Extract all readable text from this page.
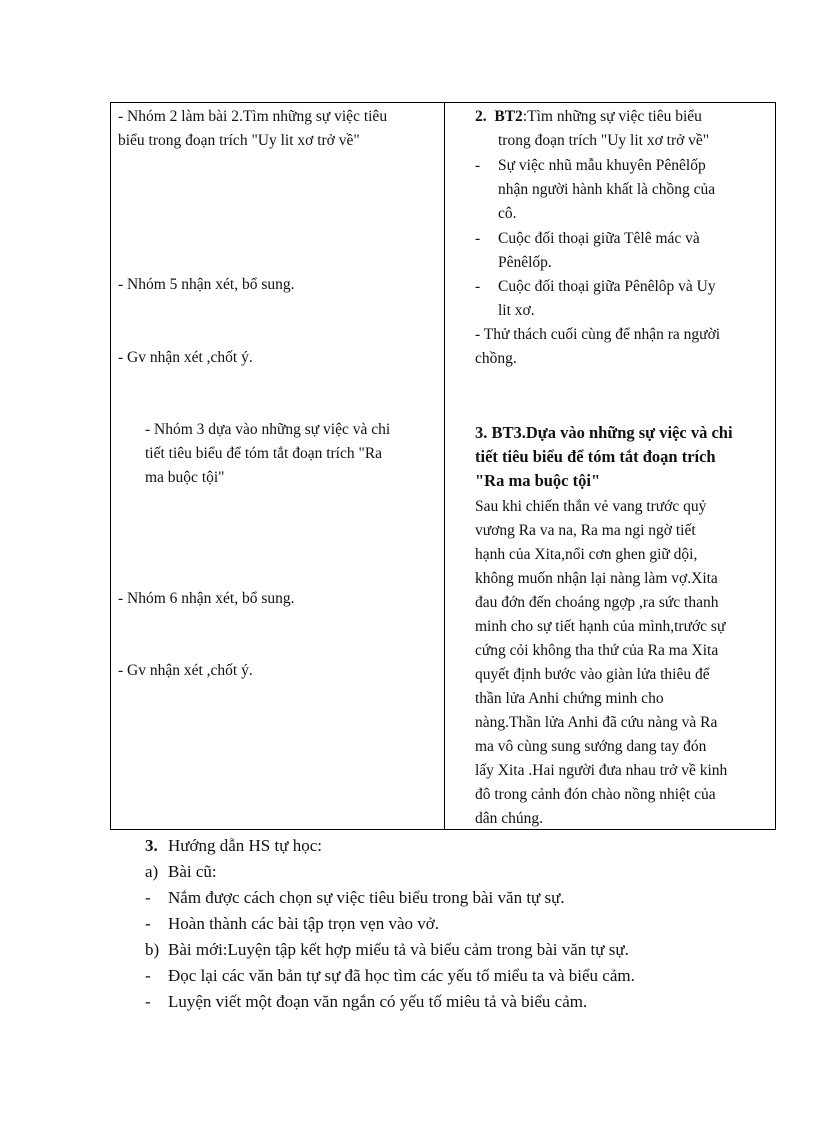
- Nhóm 2 làm bài 2.Tìm những sự việc tiêu
biểu trong đoạn trích "Uy lit xơ trở về"
- Nhóm 5 nhận xét, bổ sung.
- Gv nhận xét ,chốt ý.
- Nhóm 3 dựa vào những sự việc và chi
tiết tiêu biểu để tóm tắt đoạn trích "Ra
ma buộc tội"
- Nhóm 6 nhận xét, bổ sung.
- Gv nhận xét ,chốt ý.
2. BT2:Tìm những sự việc tiêu biểu
trong đoạn trích "Uy lit xơ trở về"
- Sự việc nhũ mẫu khuyên Pênêlốp
nhận người hành khất là chồng của
cô.
- Cuộc đối thoại giữa Têlê mác và
Pênêlốp.
- Cuộc đối thoại giữa Pênêlôp và Uy
lit xơ.
- Thử thách cuối cùng để nhận ra người
chồng.
3. BT3.Dựa vào những sự việc và chi
tiết tiêu biểu để tóm tắt đoạn trích
"Ra ma buộc tội"
Sau khi chiến thắn vẻ vang trước quỷ
vương Ra va na, Ra ma ngi ngờ tiết
hạnh của Xita,nổi cơn ghen giữ dội,
không muốn nhận lại nàng làm vợ.Xita
đau đớn đến choáng ngợp ,ra sức thanh
minh cho sự tiết hạnh của mình,trước sự
cứng cỏi không tha thứ của Ra ma Xita
quyết định bước vào giàn lửa thiêu để
thần lửa Anhi chứng minh cho
nàng.Thần lửa Anhi đã cứu nàng và Ra
ma vô cùng sung sướng dang tay đón
lấy Xita .Hai người đưa nhau trở về kinh
đô trong cảnh đón chào nồng nhiệt của
dân chúng.
3. Hướng dẫn HS tự học:
a) Bài cũ:
- Nắm được cách chọn sự việc tiêu biểu trong bài văn tự sự.
- Hoàn thành các bài tập trọn vẹn vào vở.
b) Bài mới:Luyện tập kết hợp miểu tả và biểu cảm trong bài văn tự sự.
- Đọc lại các văn bản tự sự đã học tìm các yếu tố miểu ta và biểu cảm.
- Luyện viết một đoạn văn ngắn có yếu tố miêu tả và biểu cảm.
